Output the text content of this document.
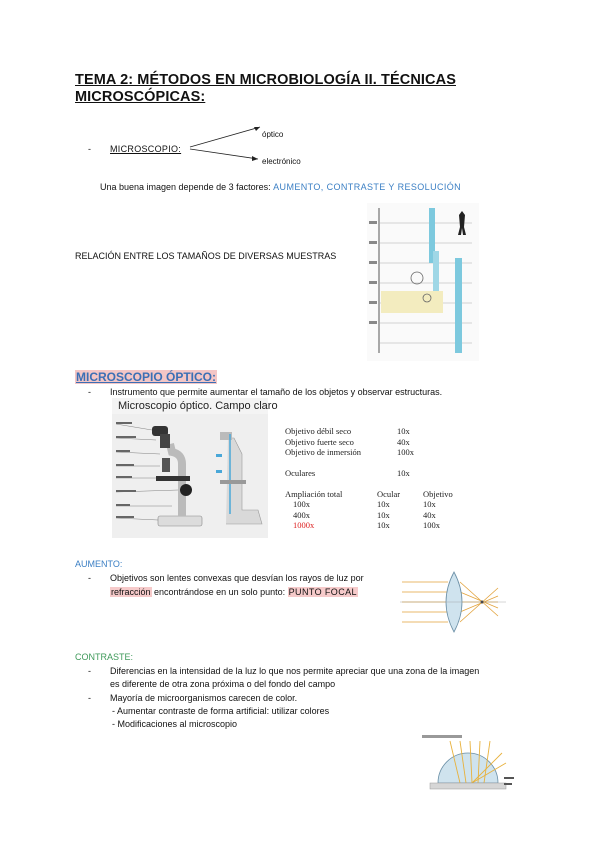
TEMA 2: MÉTODOS EN MICROBIOLOGÍA II. TÉCNICAS MICROSCÓPICAS:
- MICROSCOPIO:
óptico
electrónico
Una buena imagen depende de 3 factores: AUMENTO, CONTRASTE Y RESOLUCIÓN
RELACIÓN ENTRE LOS TAMAÑOS DE DIVERSAS MUESTRAS
MICROSCOPIO ÓPTICO:
- Instrumento que permite aumentar el tamaño de los objetos y observar estructuras.
Microscopio óptico. Campo claro
Objetivo débil seco	10x
Objetivo fuerte seco	40x
Objetivo de inmersión	100x

Oculares	10x
Ampliación total	Ocular	Objetivo
100x	10x	10x
400x	10x	40x
1000x	10x	100x
AUMENTO:
- Objetivos son lentes convexas que desvían los rayos de luz por
refracción encontrándose en un solo punto: PUNTO FOCAL
CONTRASTE:
- Diferencias en la intensidad de la luz lo que nos permite apreciar que una zona de la imagen
es diferente de otra zona próxima o del fondo del campo
- Mayoría de microorganismos carecen de color.
- Aumentar contraste de forma artificial: utilizar colores
- Modificaciones al microscopio
